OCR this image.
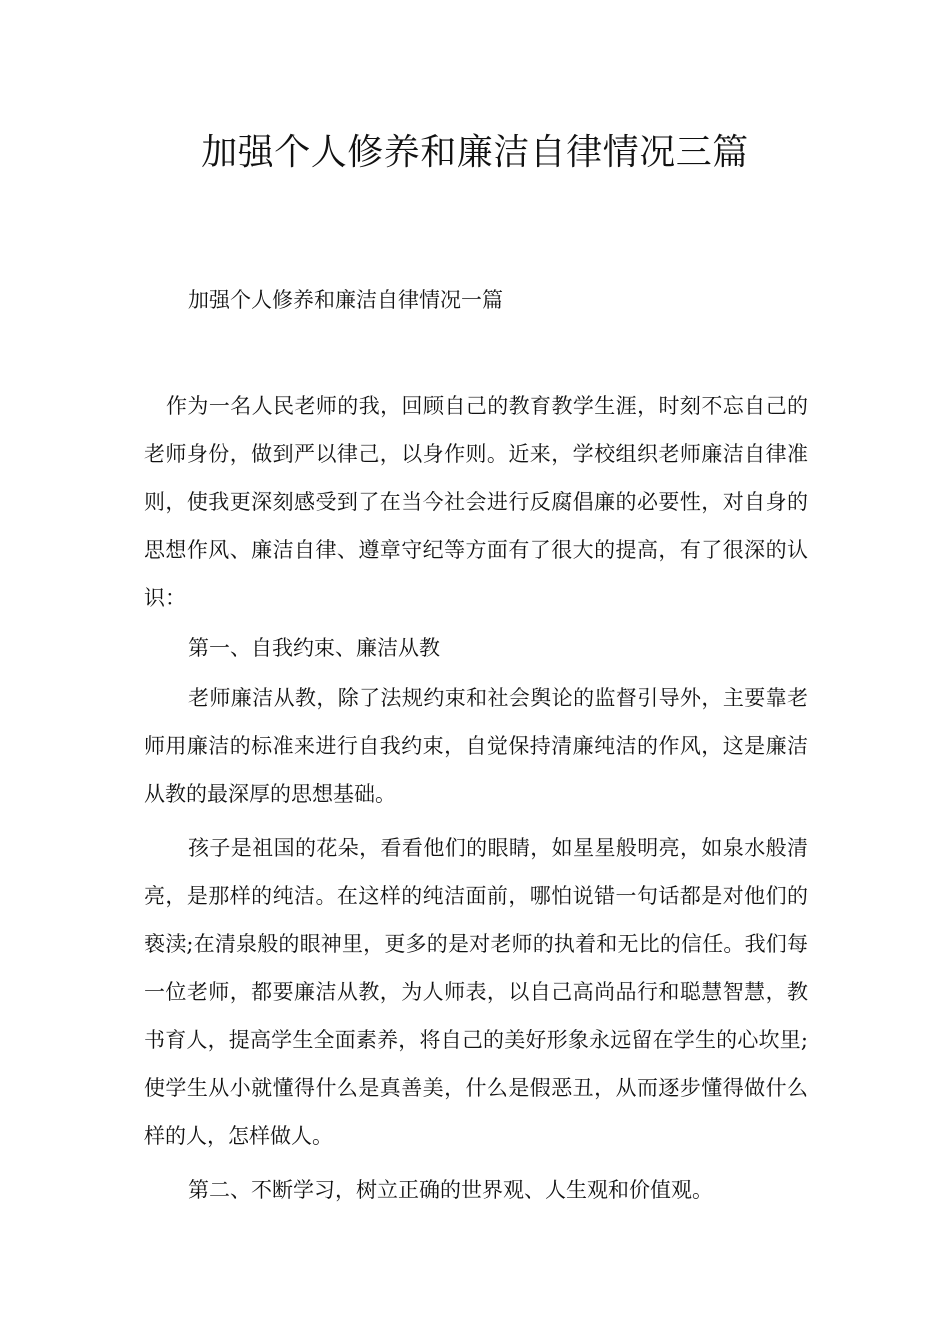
加强个人修养和廉洁自律情况三篇
加强个人修养和廉洁自律情况一篇

作为一名人民老师的我，回顾自己的教育教学生涯，时刻不忘自己的老师身份，做到严以律己，以身作则。近来，学校组织老师廉洁自律准则，使我更深刻感受到了在当今社会进行反腐倡廉的必要性，对自身的思想作风、廉洁自律、遵章守纪等方面有了很大的提高，有了很深的认识：

第一、自我约束、廉洁从教

老师廉洁从教，除了法规约束和社会舆论的监督引导外，主要靠老师用廉洁的标准来进行自我约束，自觉保持清廉纯洁的作风，这是廉洁从教的最深厚的思想基础。

孩子是祖国的花朵，看看他们的眼睛，如星星般明亮，如泉水般清亮，是那样的纯洁。在这样的纯洁面前，哪怕说错一句话都是对他们的亵渎;在清泉般的眼神里，更多的是对老师的执着和无比的信任。我们每一位老师，都要廉洁从教，为人师表，以自己高尚品行和聪慧智慧，教书育人，提高学生全面素养，将自己的美好形象永远留在学生的心坎里;使学生从小就懂得什么是真善美，什么是假恶丑，从而逐步懂得做什么样的人，怎样做人。

第二、不断学习，树立正确的世界观、人生观和价值观。
